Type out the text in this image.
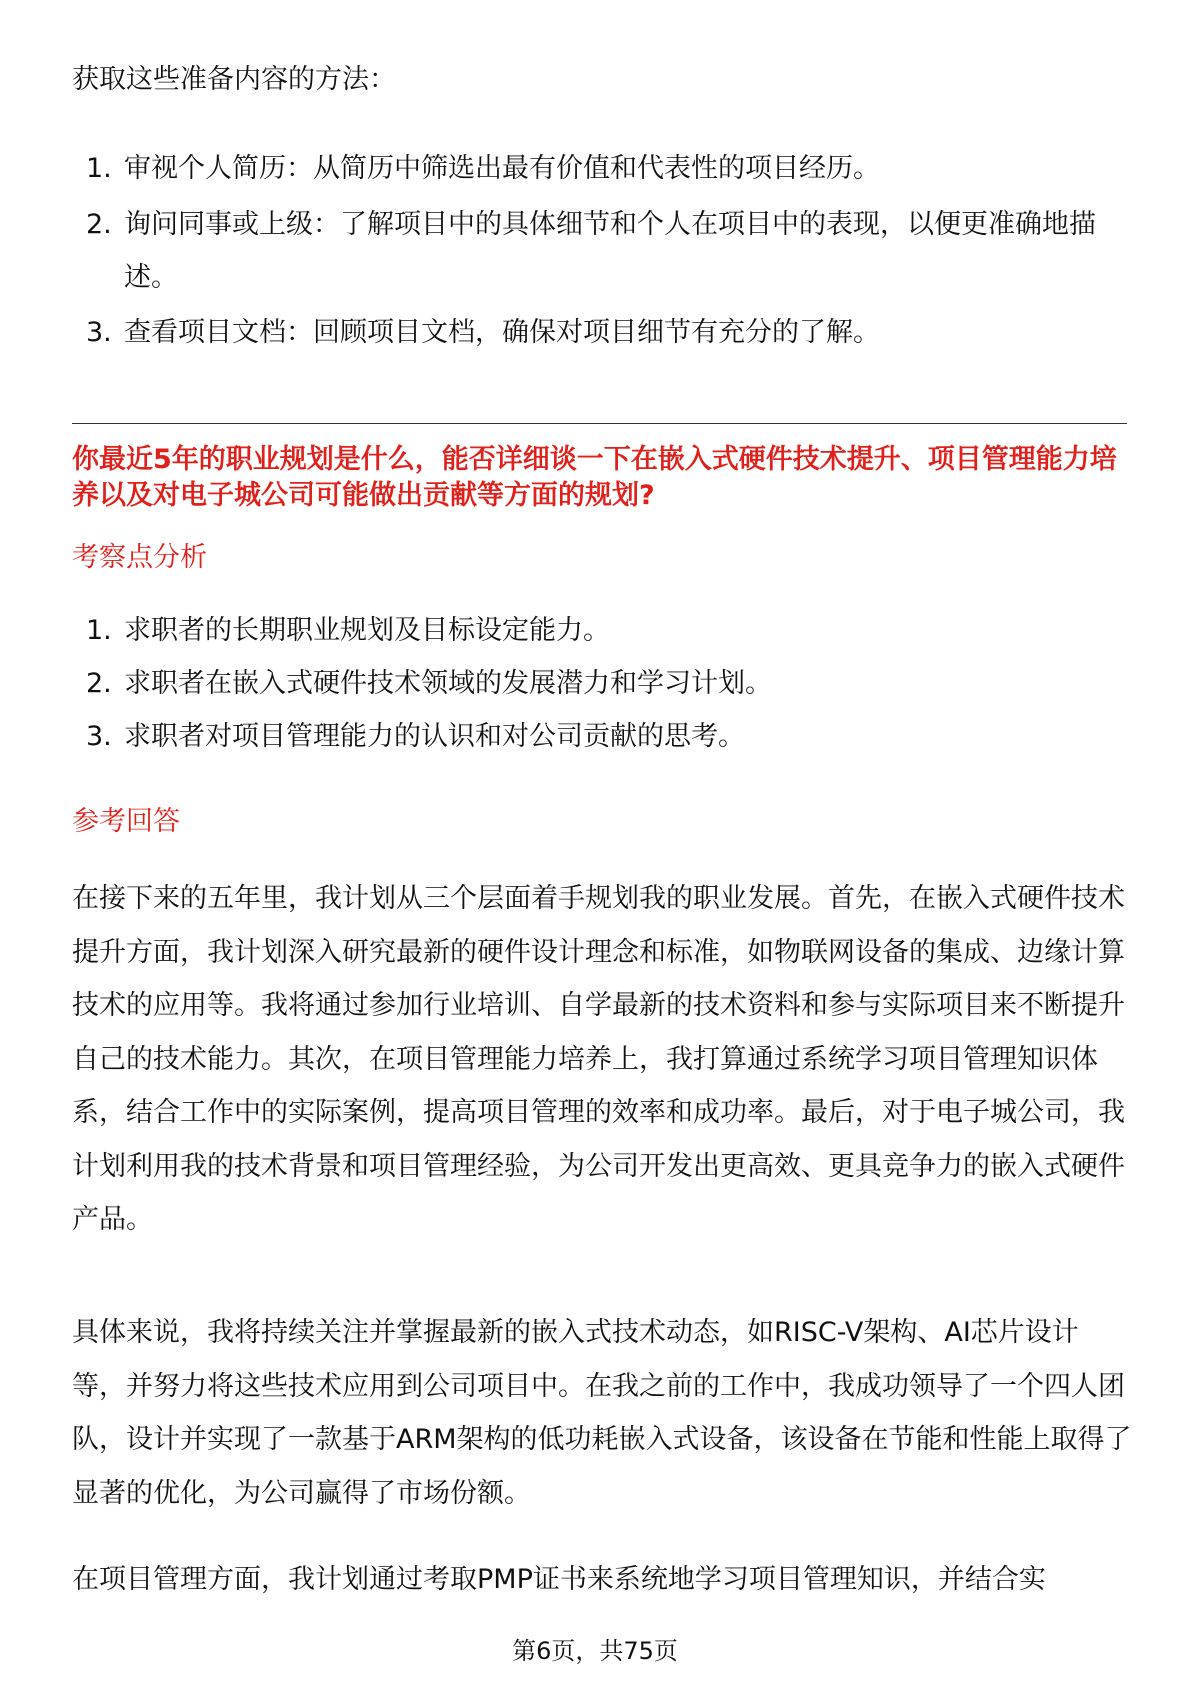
获取这些准备内容的方法：

1. 审视个人简历：从简历中筛选出最有价值和代表性的项目经历。
2. 询问同事或上级：了解项目中的具体细节和个人在项目中的表现，以便更准确地描述。
3. 查看项目文档：回顾项目文档，确保对项目细节有充分的了解。

你最近5年的职业规划是什么，能否详细谈一下在嵌入式硬件技术提升、项目管理能力培养以及对电子城公司可能做出贡献等方面的规划?

考察点分析
1. 求职者的长期职业规划及目标设定能力。
2. 求职者在嵌入式硬件技术领域的发展潜力和学习计划。
3. 求职者对项目管理能力的认识和对公司贡献的思考。
参考回答

在接下来的五年里，我计划从三个层面着手规划我的职业发展。首先，在嵌入式硬件技术提升方面，我计划深入研究最新的硬件设计理念和标准，如物联网设备的集成、边缘计算技术的应用等。我将通过参加行业培训、自学最新的技术资料和参与实际项目来不断提升自己的技术能力。其次，在项目管理能力培养上，我打算通过系统学习项目管理知识体系，结合工作中的实际案例，提高项目管理的效率和成功率。最后，对于电子城公司，我计划利用我的技术背景和项目管理经验，为公司开发出更高效、更具竞争力的嵌入式硬件产品。

具体来说，我将持续关注并掌握最新的嵌入式技术动态，如RISC-V架构、AI芯片设计等，并努力将这些技术应用到公司项目中。在我之前的工作中，我成功领导了一个四人团队，设计并实现了一款基于ARM架构的低功耗嵌入式设备，该设备在节能和性能上取得了显著的优化，为公司赢得了市场份额。

在项目管理方面，我计划通过考取PMP证书来系统地学习项目管理知识，并结合实

第6页，共75页
